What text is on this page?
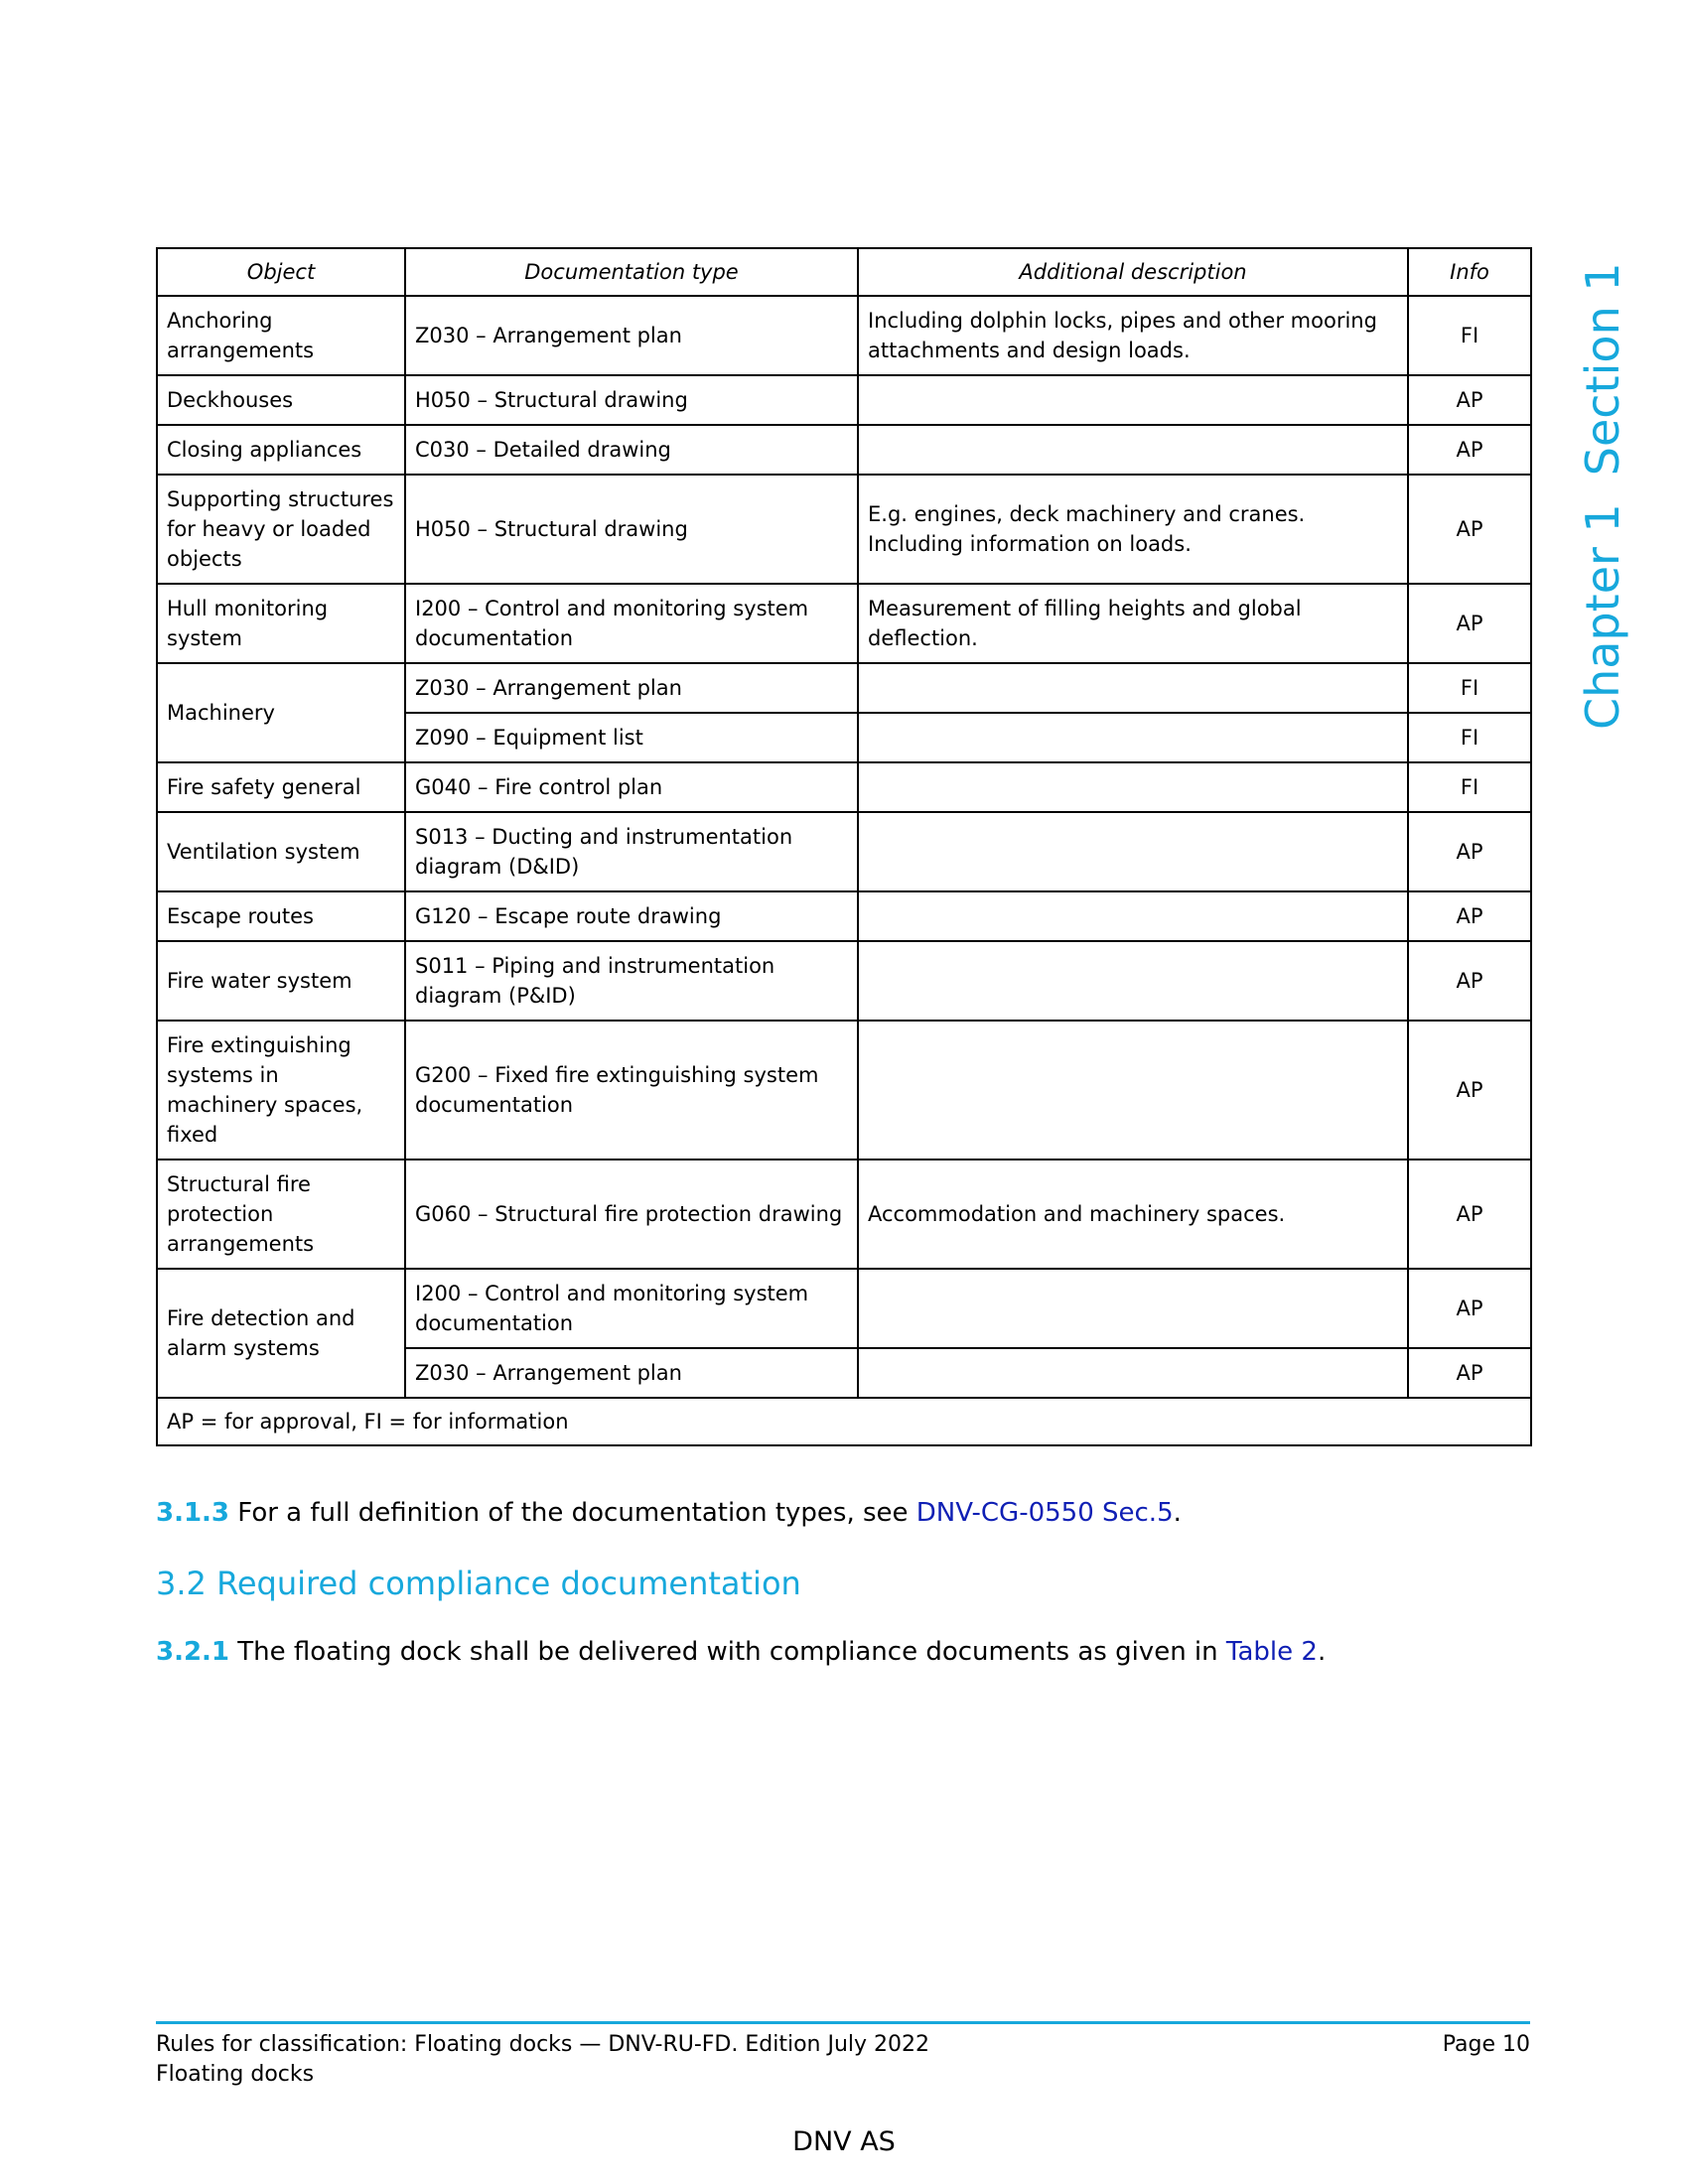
Object	Documentation type	Additional description	Info
Anchoring arrangements	Z030 – Arrangement plan	Including dolphin locks, pipes and other mooring attachments and design loads.	FI
Deckhouses	H050 – Structural drawing		AP
Closing appliances	C030 – Detailed drawing		AP
Supporting structures for heavy or loaded objects	H050 – Structural drawing	E.g. engines, deck machinery and cranes. Including information on loads.	AP
Hull monitoring system	I200 – Control and monitoring system documentation	Measurement of filling heights and global deflection.	AP
Machinery	Z030 – Arrangement plan		FI
	Z090 – Equipment list		FI
Fire safety general	G040 – Fire control plan		FI
Ventilation system	S013 – Ducting and instrumentation diagram (D&ID)		AP
Escape routes	G120 – Escape route drawing		AP
Fire water system	S011 – Piping and instrumentation diagram (P&ID)		AP
Fire extinguishing systems in machinery spaces, fixed	G200 – Fixed fire extinguishing system documentation		AP
Structural fire protection arrangements	G060 – Structural fire protection drawing	Accommodation and machinery spaces.	AP
Fire detection and alarm systems	I200 – Control and monitoring system documentation		AP
	Z030 – Arrangement plan		AP
AP = for approval, FI = for information			
Chapter 1Section 1
3.1.3 For a full definition of the documentation types, see DNV-CG-0550 Sec.5.
3.2 Required compliance documentation
3.2.1 The floating dock shall be delivered with compliance documents as given in Table 2.
Rules for classification: Floating docks — DNV-RU-FD. Edition July 2022
Floating docks
Page 10
DNV AS
